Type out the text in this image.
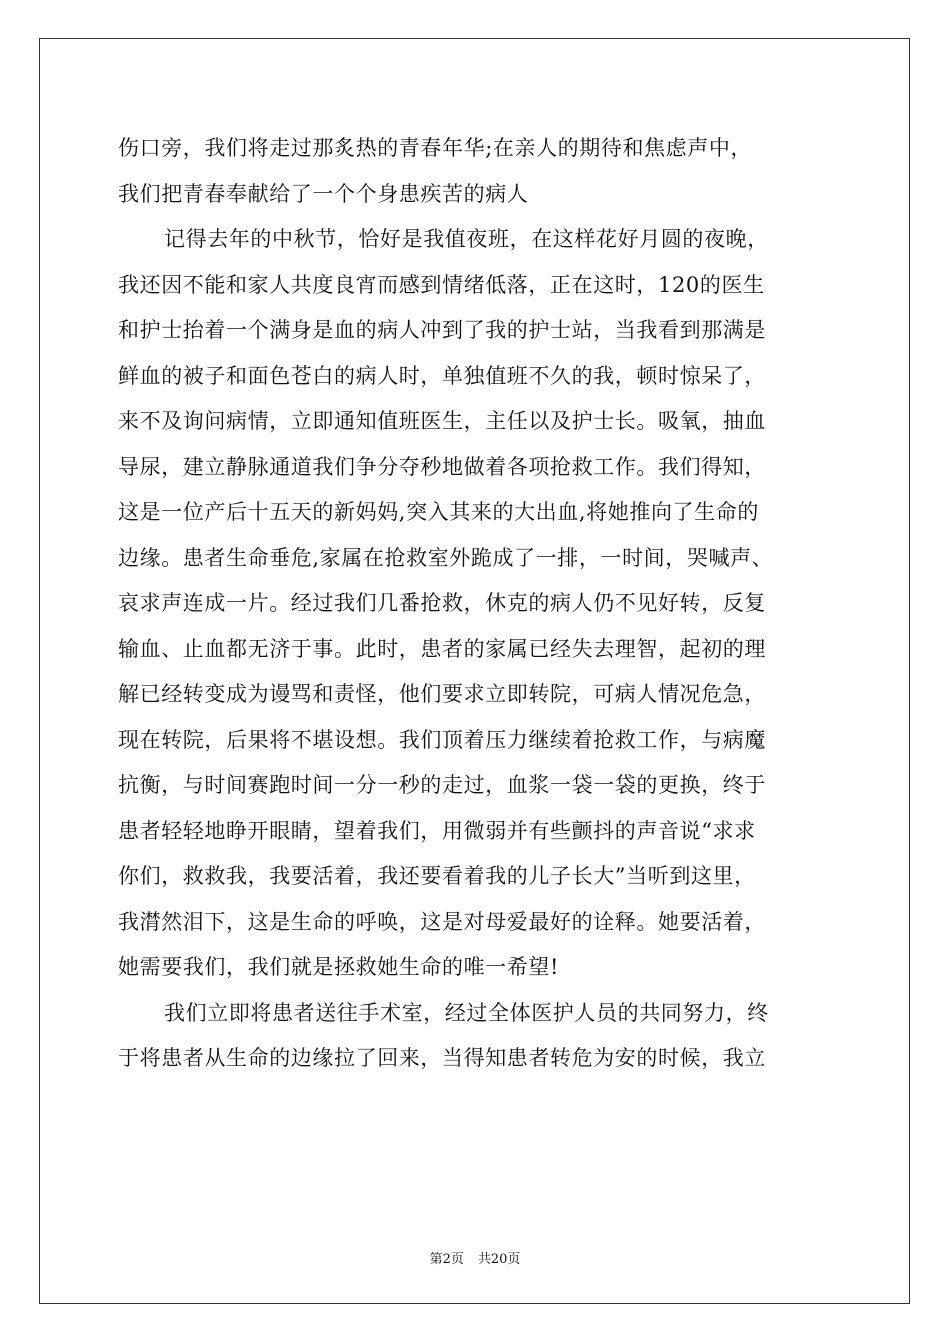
伤口旁，我们将走过那炙热的青春年华;在亲人的期待和焦虑声中，
我们把青春奉献给了一个个身患疾苦的病人
记得去年的中秋节，恰好是我值夜班，在这样花好月圆的夜晚，
我还因不能和家人共度良宵而感到情绪低落，正在这时，120的医生
和护士抬着一个满身是血的病人冲到了我的护士站，当我看到那满是
鲜血的被子和面色苍白的病人时，单独值班不久的我，顿时惊呆了，
来不及询问病情，立即通知值班医生，主任以及护士长。吸氧，抽血
导尿，建立静脉通道我们争分夺秒地做着各项抢救工作。我们得知，
这是一位产后十五天的新妈妈,突入其来的大出血,将她推向了生命的
边缘。患者生命垂危,家属在抢救室外跪成了一排，一时间，哭喊声、
哀求声连成一片。经过我们几番抢救，休克的病人仍不见好转，反复
输血、止血都无济于事。此时，患者的家属已经失去理智，起初的理
解已经转变成为谩骂和责怪，他们要求立即转院，可病人情况危急，
现在转院，后果将不堪设想。我们顶着压力继续着抢救工作，与病魔
抗衡，与时间赛跑时间一分一秒的走过，血浆一袋一袋的更换，终于
患者轻轻地睁开眼睛，望着我们，用微弱并有些颤抖的声音说“求求
你们，救救我，我要活着，我还要看着我的儿子长大”当听到这里，
我潸然泪下，这是生命的呼唤，这是对母爱最好的诠释。她要活着，
她需要我们，我们就是拯救她生命的唯一希望!
我们立即将患者送往手术室，经过全体医护人员的共同努力，终
于将患者从生命的边缘拉了回来，当得知患者转危为安的时候，我立
第2页 共20页
